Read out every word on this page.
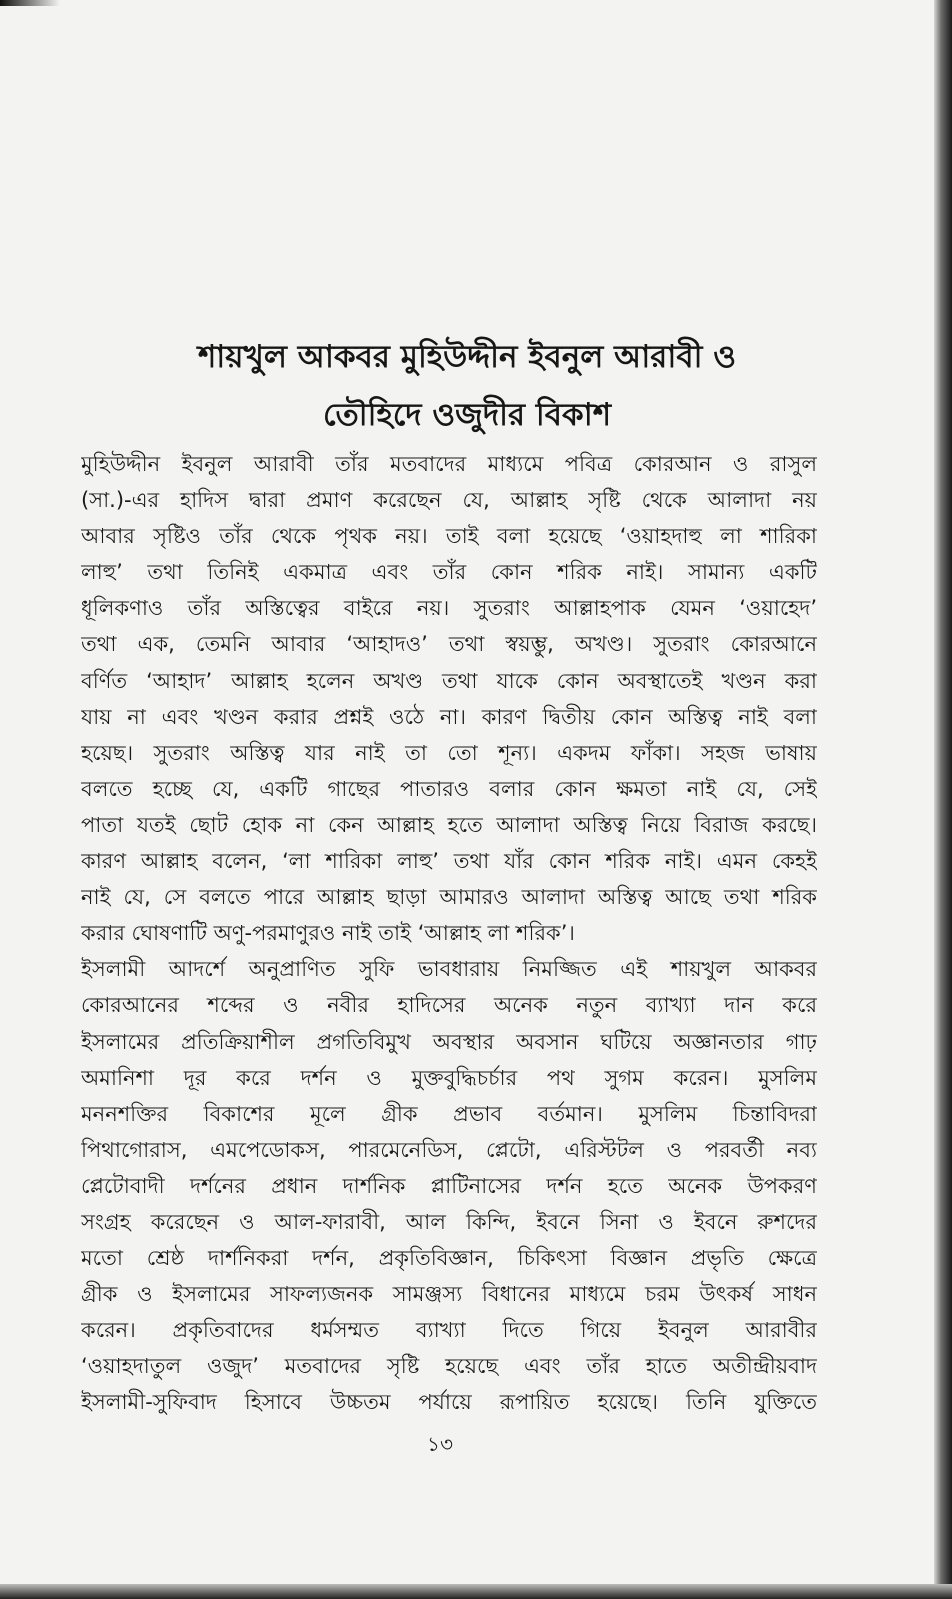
শায়খুল আকবর মুহিউদ্দীন ইবনুল আরাবী ও
তৌহিদে ওজুদীর বিকাশ
মুহিউদ্দীন ইবনুল আরাবী তাঁর মতবাদের মাধ্যমে পবিত্র কোরআন ও রাসুল
(সা.)-এর হাদিস দ্বারা প্রমাণ করেছেন যে, আল্লাহ সৃষ্টি থেকে আলাদা নয়
আবার সৃষ্টিও তাঁর থেকে পৃথক নয়। তাই বলা হয়েছে ‘ওয়াহদাহু লা শারিকা
লাহু’ তথা তিনিই একমাত্র এবং তাঁর কোন শরিক নাই। সামান্য একটি
ধূলিকণাও তাঁর অস্তিত্বের বাইরে নয়। সুতরাং আল্লাহপাক যেমন ‘ওয়াহেদ’
তথা এক, তেমনি আবার ‘আহাদও’ তথা স্বয়ম্ভু, অখণ্ড। সুতরাং কোরআনে
বর্ণিত ‘আহাদ’ আল্লাহ হলেন অখণ্ড তথা যাকে কোন অবস্থাতেই খণ্ডন করা
যায় না এবং খণ্ডন করার প্রশ্নই ওঠে না। কারণ দ্বিতীয় কোন অস্তিত্ব নাই বলা
হয়েছ। সুতরাং অস্তিত্ব যার নাই তা তো শূন্য। একদম ফাঁকা। সহজ ভাষায়
বলতে হচ্ছে যে, একটি গাছের পাতারও বলার কোন ক্ষমতা নাই যে, সেই
পাতা যতই ছোট হোক না কেন আল্লাহ হতে আলাদা অস্তিত্ব নিয়ে বিরাজ করছে।
কারণ আল্লাহ বলেন, ‘লা শারিকা লাহু’ তথা যাঁর কোন শরিক নাই। এমন কেহই
নাই যে, সে বলতে পারে আল্লাহ ছাড়া আমারও আলাদা অস্তিত্ব আছে তথা শরিক
করার ঘোষণাটি অণু-পরমাণুরও নাই তাই ‘আল্লাহ লা শরিক’।
ইসলামী আদর্শে অনুপ্রাণিত সুফি ভাবধারায় নিমজ্জিত এই শায়খুল আকবর
কোরআনের শব্দের ও নবীর হাদিসের অনেক নতুন ব্যাখ্যা দান করে
ইসলামের প্রতিক্রিয়াশীল প্রগতিবিমুখ অবস্থার অবসান ঘটিয়ে অজ্ঞানতার গাঢ়
অমানিশা দূর করে দর্শন ও মুক্তবুদ্ধিচর্চার পথ সুগম করেন। মুসলিম
মননশক্তির বিকাশের মূলে গ্রীক প্রভাব বর্তমান। মুসলিম চিন্তাবিদরা
পিথাগোরাস, এমপেডোকস, পারমেনেডিস, প্লেটো, এরিস্টটল ও পরবর্তী নব্য
প্লেটোবাদী দর্শনের প্রধান দার্শনিক প্লাটিনাসের দর্শন হতে অনেক উপকরণ
সংগ্রহ করেছেন ও আল-ফারাবী, আল কিন্দি, ইবনে সিনা ও ইবনে রুশদের
মতো শ্রেষ্ঠ দার্শনিকরা দর্শন, প্রকৃতিবিজ্ঞান, চিকিৎসা বিজ্ঞান প্রভৃতি ক্ষেত্রে
গ্রীক ও ইসলামের সাফল্যজনক সামঞ্জস্য বিধানের মাধ্যমে চরম উৎকর্ষ সাধন
করেন। প্রকৃতিবাদের ধর্মসম্মত ব্যাখ্যা দিতে গিয়ে ইবনুল আরাবীর
‘ওয়াহদাতুল ওজুদ’ মতবাদের সৃষ্টি হয়েছে এবং তাঁর হাতে অতীন্দ্রীয়বাদ
ইসলামী-সুফিবাদ হিসাবে উচ্চতম পর্যায়ে রূপায়িত হয়েছে। তিনি যুক্তিতে
১৩
